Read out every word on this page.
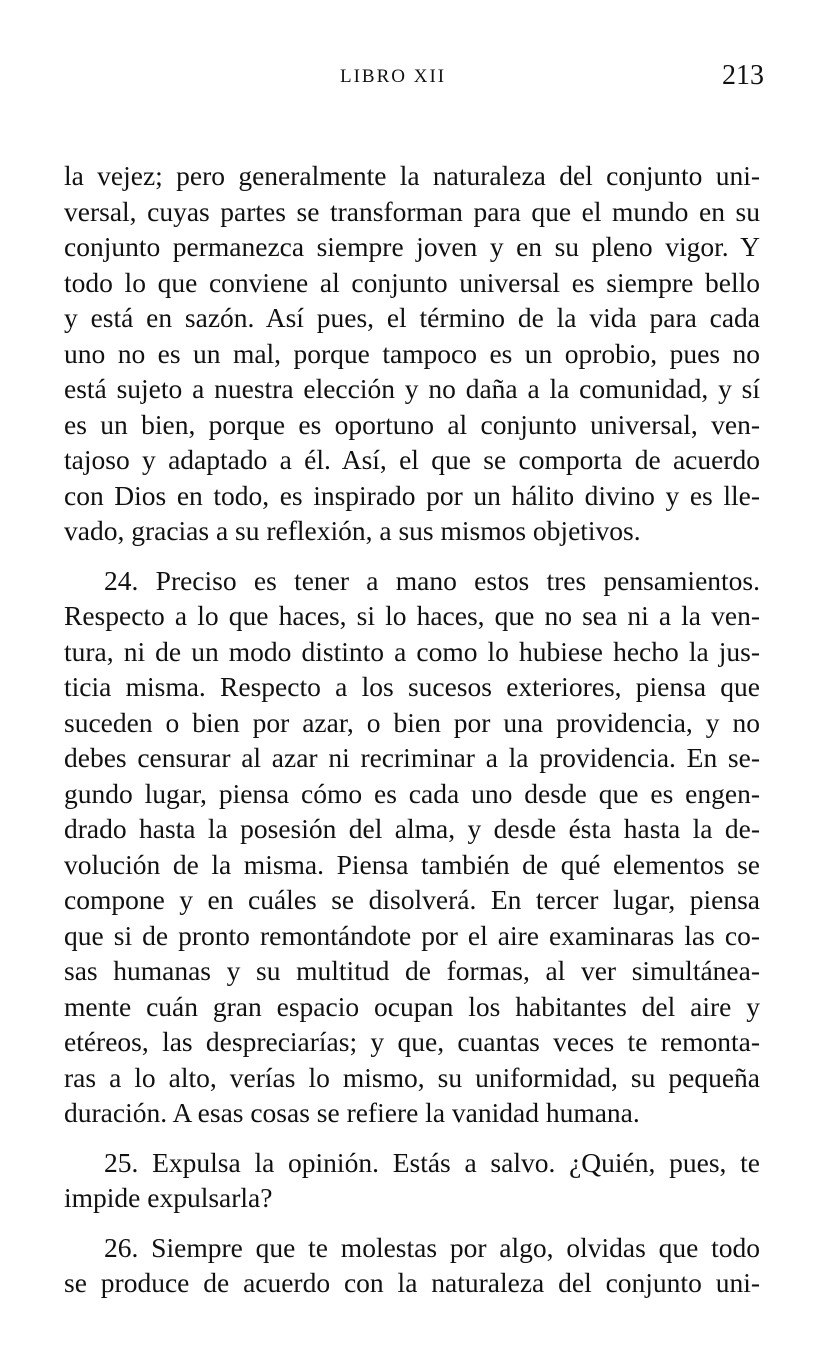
LIBRO XII	213
la vejez; pero generalmente la naturaleza del conjunto uni-
versal, cuyas partes se transforman para que el mundo en su
conjunto permanezca siempre joven y en su pleno vigor. Y
todo lo que conviene al conjunto universal es siempre bello
y está en sazón. Así pues, el término de la vida para cada
uno no es un mal, porque tampoco es un oprobio, pues no
está sujeto a nuestra elección y no daña a la comunidad, y sí
es un bien, porque es oportuno al conjunto universal, ven-
tajoso y adaptado a él. Así, el que se comporta de acuerdo
con Dios en todo, es inspirado por un hálito divino y es lle-
vado, gracias a su reflexión, a sus mismos objetivos.
24. Preciso es tener a mano estos tres pensamientos.
Respecto a lo que haces, si lo haces, que no sea ni a la ven-
tura, ni de un modo distinto a como lo hubiese hecho la jus-
ticia misma. Respecto a los sucesos exteriores, piensa que
suceden o bien por azar, o bien por una providencia, y no
debes censurar al azar ni recriminar a la providencia. En se-
gundo lugar, piensa cómo es cada uno desde que es engen-
drado hasta la posesión del alma, y desde ésta hasta la de-
volución de la misma. Piensa también de qué elementos se
compone y en cuáles se disolverá. En tercer lugar, piensa
que si de pronto remontándote por el aire examinaras las co-
sas humanas y su multitud de formas, al ver simultánea-
mente cuán gran espacio ocupan los habitantes del aire y
etéreos, las despreciarías; y que, cuantas veces te remonta-
ras a lo alto, verías lo mismo, su uniformidad, su pequeña
duración. A esas cosas se refiere la vanidad humana.
25. Expulsa la opinión. Estás a salvo. ¿Quién, pues, te
impide expulsarla?
26. Siempre que te molestas por algo, olvidas que todo
se produce de acuerdo con la naturaleza del conjunto uni-
